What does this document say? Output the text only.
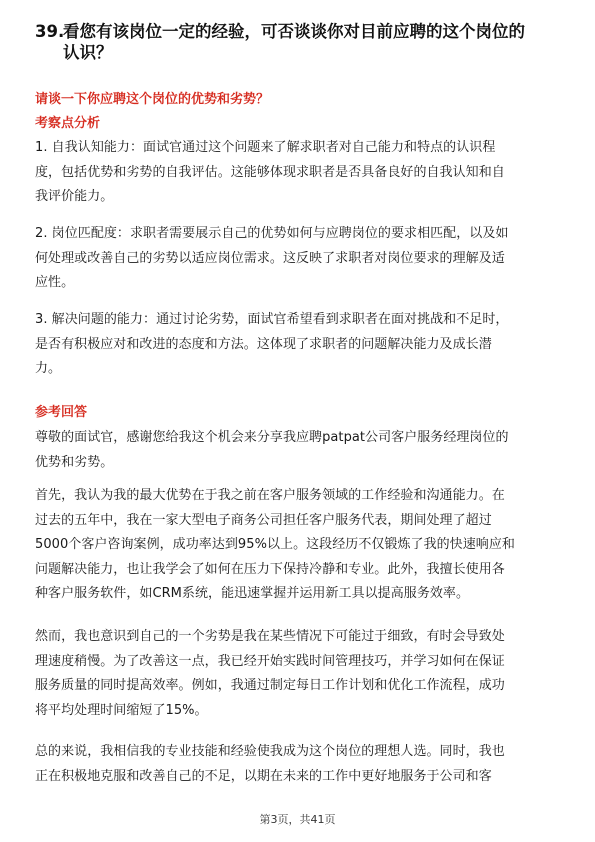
39.看您有该岗位一定的经验，可否谈谈你对目前应聘的这个岗位的
认识？
请谈一下你应聘这个岗位的优势和劣势？
考察点分析
1. 自我认知能力：面试官通过这个问题来了解求职者对自己能力和特点的认识程
度，包括优势和劣势的自我评估。这能够体现求职者是否具备良好的自我认知和自
我评价能力。
2. 岗位匹配度：求职者需要展示自己的优势如何与应聘岗位的要求相匹配，以及如
何处理或改善自己的劣势以适应岗位需求。这反映了求职者对岗位要求的理解及适
应性。
3. 解决问题的能力：通过讨论劣势，面试官希望看到求职者在面对挑战和不足时，
是否有积极应对和改进的态度和方法。这体现了求职者的问题解决能力及成长潜
力。
参考回答
尊敬的面试官，感谢您给我这个机会来分享我应聘patpat公司客户服务经理岗位的
优势和劣势。
首先，我认为我的最大优势在于我之前在客户服务领域的工作经验和沟通能力。在
过去的五年中，我在一家大型电子商务公司担任客户服务代表，期间处理了超过
5000个客户咨询案例，成功率达到95%以上。这段经历不仅锻炼了我的快速响应和
问题解决能力，也让我学会了如何在压力下保持冷静和专业。此外，我擅长使用各
种客户服务软件，如CRM系统，能迅速掌握并运用新工具以提高服务效率。
然而，我也意识到自己的一个劣势是我在某些情况下可能过于细致，有时会导致处
理速度稍慢。为了改善这一点，我已经开始实践时间管理技巧，并学习如何在保证
服务质量的同时提高效率。例如，我通过制定每日工作计划和优化工作流程，成功
将平均处理时间缩短了15%。
总的来说，我相信我的专业技能和经验使我成为这个岗位的理想人选。同时，我也
正在积极地克服和改善自己的不足，以期在未来的工作中更好地服务于公司和客
第3页，共41页
